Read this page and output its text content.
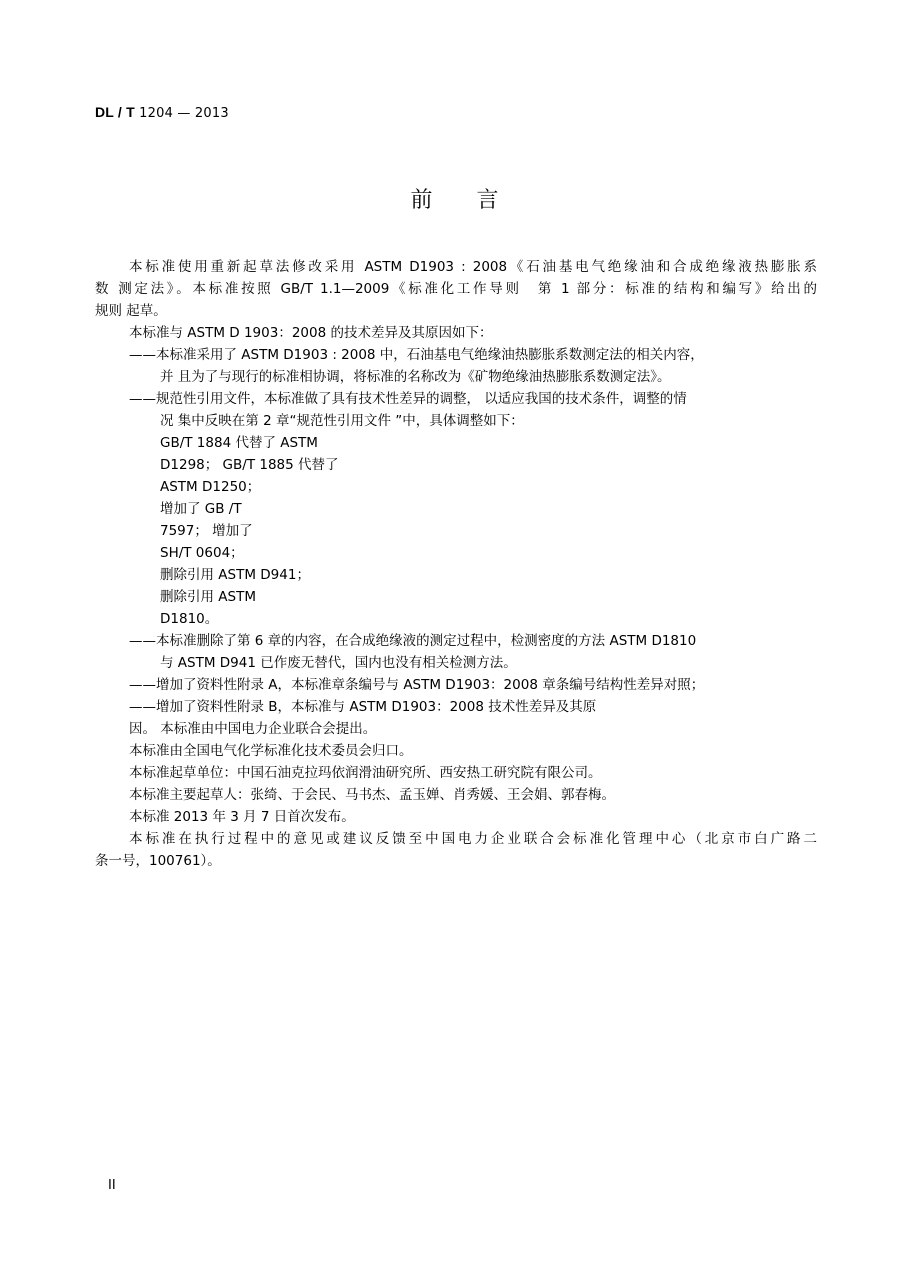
DL / T 1204 — 2013
前 言
本标准使用重新起草法修改采用 ASTM D1903 : 2008《石油基电气绝缘油和合成绝缘液热膨胀系
数 测定法》。本标准按照 GB/T 1.1—2009《标准化工作导则　第 1 部分：标准的结构和编写》给出的
规则 起草。
本标准与 ASTM D 1903：2008 的技术差异及其原因如下：
——本标准采用了 ASTM D1903 : 2008 中，石油基电气绝缘油热膨胀系数测定法的相关内容，
并 且为了与现行的标准相协调，将标准的名称改为《矿物绝缘油热膨胀系数测定法》。
——规范性引用文件，本标准做了具有技术性差异的调整， 以适应我国的技术条件，调整的情
况 集中反映在第 2 章“规范性引用文件 ”中，具体调整如下：
GB/T 1884 代替了 ASTM
D1298； GB/T 1885 代替了
ASTM D1250；
增加了 GB /T
7597； 增加了
SH/T 0604；
删除引用 ASTM D941；
删除引用 ASTM
D1810。
——本标准删除了第 6 章的内容，在合成绝缘液的测定过程中，检测密度的方法 ASTM D1810
与 ASTM D941 已作废无替代，国内也没有相关检测方法。
——增加了资料性附录 A，本标准章条编号与 ASTM D1903：2008 章条编号结构性差异对照；
——增加了资料性附录 B，本标准与 ASTM D1903：2008 技术性差异及其原
因。 本标准由中国电力企业联合会提出。
本标准由全国电气化学标准化技术委员会归口。
本标准起草单位：中国石油克拉玛依润滑油研究所、西安热工研究院有限公司。
本标准主要起草人：张绮、于会民、马书杰、孟玉婵、肖秀媛、王会娟、郭春梅。
本标准 2013 年 3 月 7 日首次发布。
本标准在执行过程中的意见或建议反馈至中国电力企业联合会标准化管理中心（北京市白广路二
条一号，100761）。
II
